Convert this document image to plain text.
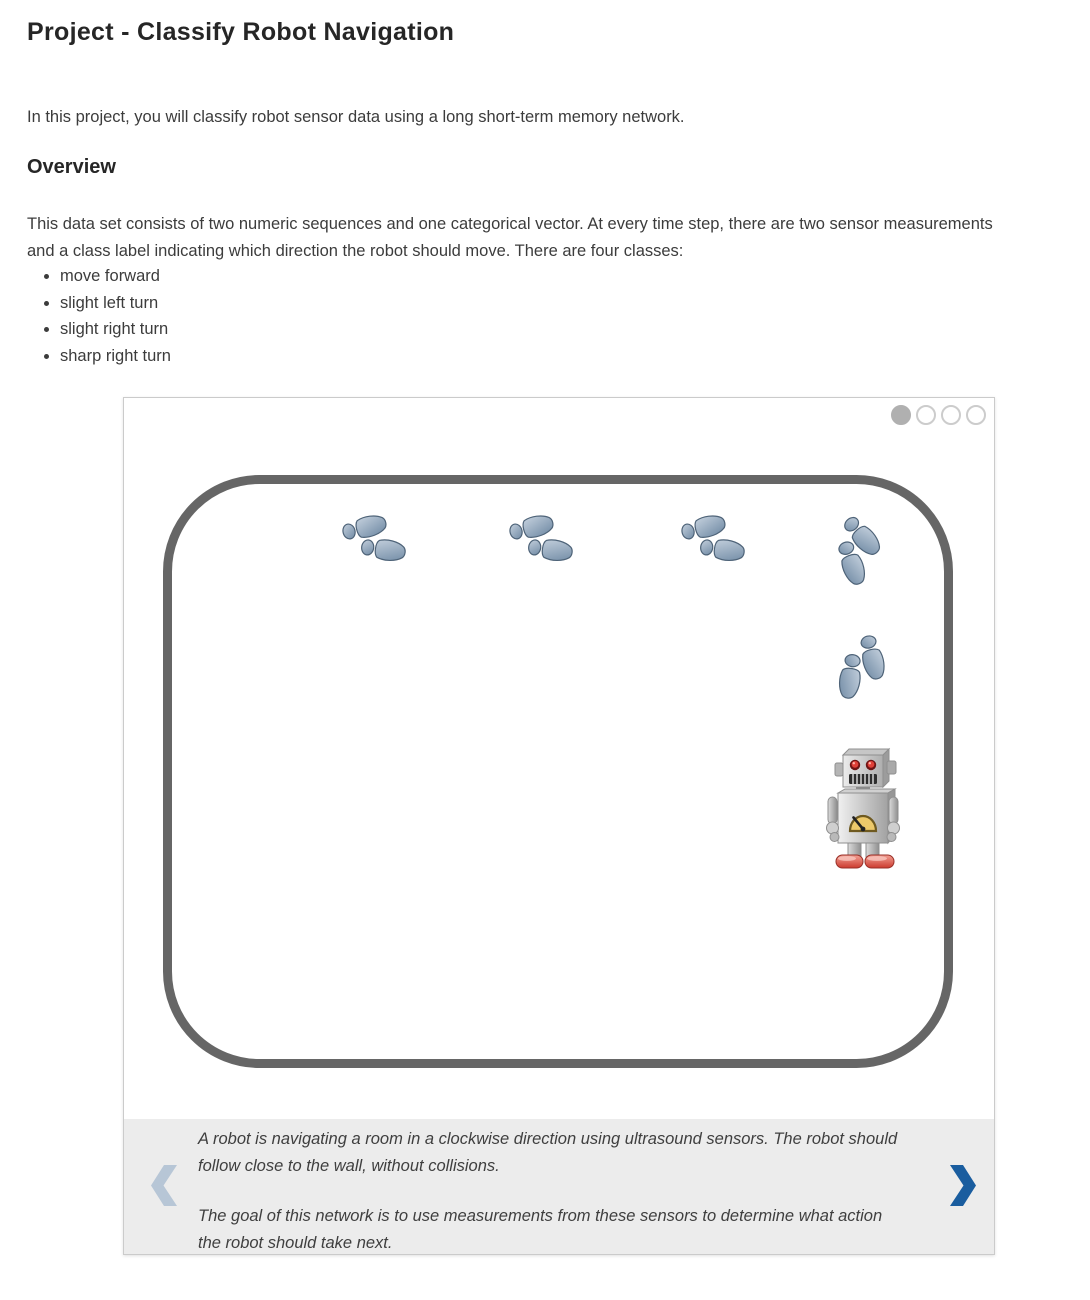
Project - Classify Robot Navigation

In this project, you will classify robot sensor data using a long short-term memory network.

Overview

This data set consists of two numeric sequences and one categorical vector. At every time step, there are two sensor measurements and a class label indicating which direction the robot should move. There are four classes:

• move forward
• slight left turn
• slight right turn
• sharp right turn

A robot is navigating a room in a clockwise direction using ultrasound sensors. The robot should follow close to the wall, without collisions.

The goal of this network is to use measurements from these sensors to determine what action the robot should take next.
